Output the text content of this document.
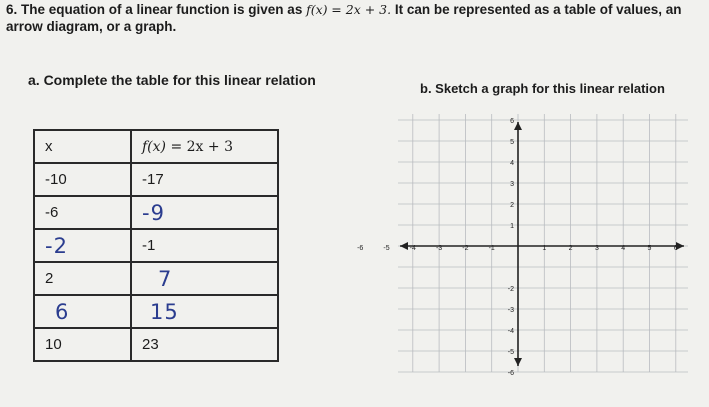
6. The equation of a linear function is given as f(x) = 2x + 3. It can be represented as a table of values, an arrow diagram, or a graph.

a. Complete the table for this linear relation
b. Sketch a graph for this linear relation
x	f(x) = 2x + 3
-10	-17
-6	-9
-2	-1
2	7
6	15
10	23
-6	-5	-4	-3	-2	-1	1	2	3	4	5	6
1
2
3
4
5
6
-2
-3
-4
-5
-6
